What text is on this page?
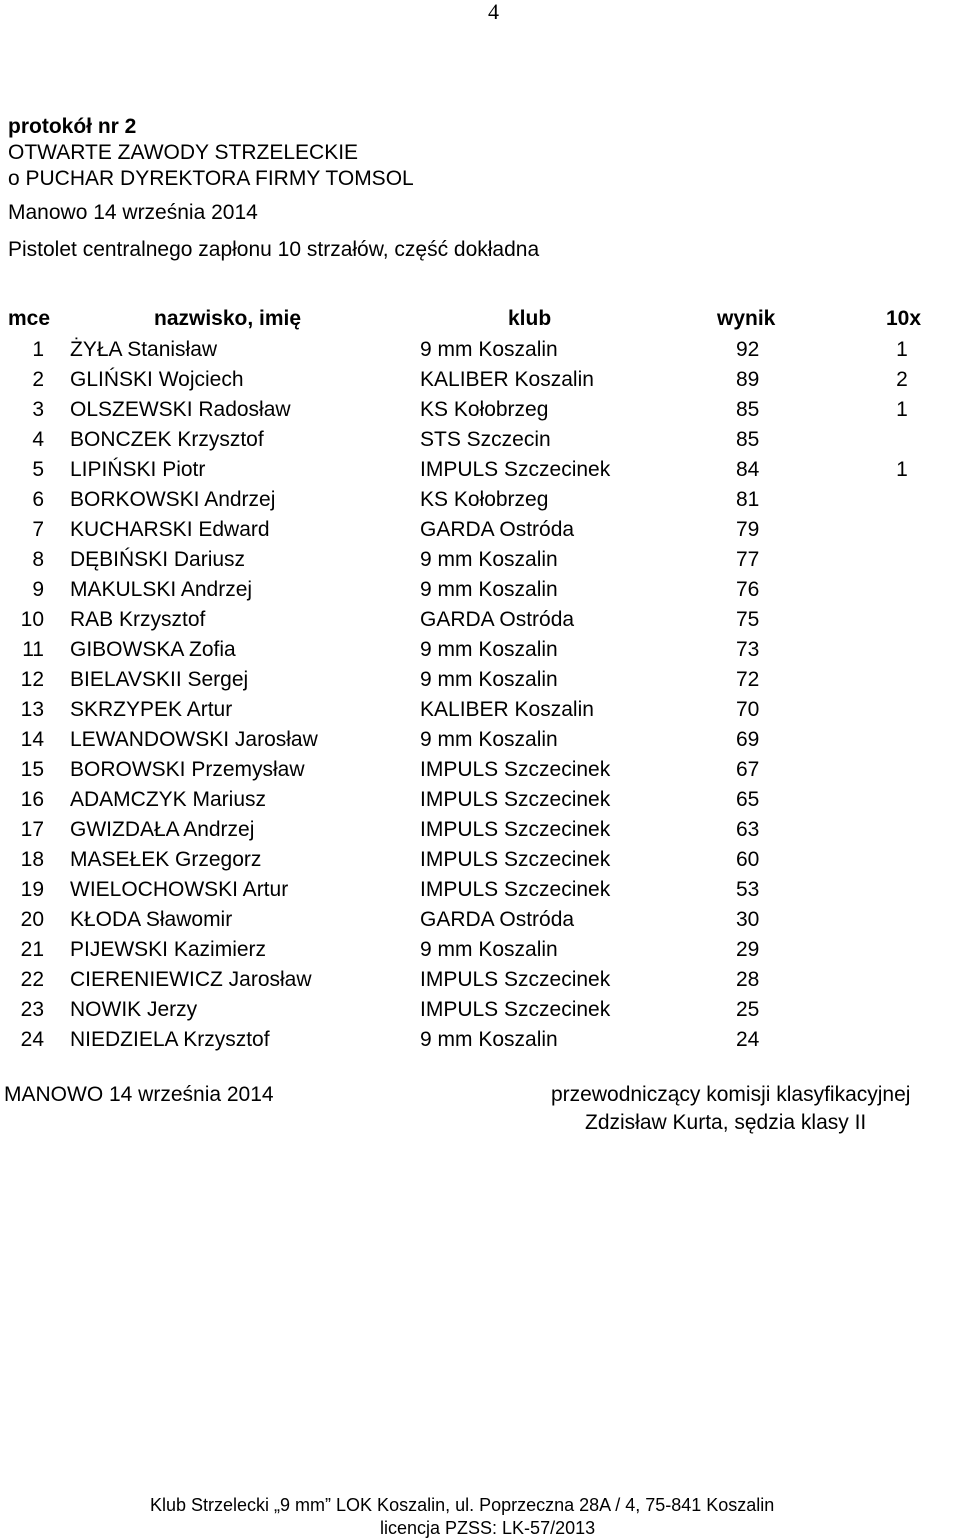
4
protokół nr 2
OTWARTE ZAWODY STRZELECKIE
o PUCHAR DYREKTORA FIRMY TOMSOL
Manowo 14 września 2014
Pistolet centralnego zapłonu 10 strzałów, część dokładna
mce	nazwisko, imię	klub	wynik	10x
1 ŻYŁA Stanisław	9 mm Koszalin	92	1
2 GLIŃSKI Wojciech	KALIBER Koszalin	89	2
3 OLSZEWSKI Radosław	KS Kołobrzeg	85	1
4 BONCZEK Krzysztof	STS Szczecin	85
5 LIPIŃSKI Piotr	IMPULS Szczecinek	84	1
6 BORKOWSKI Andrzej	KS Kołobrzeg	81
7 KUCHARSKI Edward	GARDA Ostróda	79
8 DĘBIŃSKI Dariusz	9 mm Koszalin	77
9 MAKULSKI Andrzej	9 mm Koszalin	76
10 RAB Krzysztof	GARDA Ostróda	75
11 GIBOWSKA Zofia	9 mm Koszalin	73
12 BIELAVSKII Sergej	9 mm Koszalin	72
13 SKRZYPEK Artur	KALIBER Koszalin	70
14 LEWANDOWSKI Jarosław	9 mm Koszalin	69
15 BOROWSKI Przemysław	IMPULS Szczecinek	67
16 ADAMCZYK Mariusz	IMPULS Szczecinek	65
17 GWIZDAŁA Andrzej	IMPULS Szczecinek	63
18 MASEŁEK Grzegorz	IMPULS Szczecinek	60
19 WIELOCHOWSKI Artur	IMPULS Szczecinek	53
20 KŁODA Sławomir	GARDA Ostróda	30
21 PIJEWSKI Kazimierz	9 mm Koszalin	29
22 CIERENIEWICZ Jarosław	IMPULS Szczecinek	28
23 NOWIK Jerzy	IMPULS Szczecinek	25
24 NIEDZIELA Krzysztof	9 mm Koszalin	24
MANOWO 14 września 2014	przewodniczący komisji klasyfikacyjnej
Zdzisław Kurta, sędzia klasy II
Klub Strzelecki „9 mm” LOK Koszalin, ul. Poprzeczna 28A / 4, 75-841 Koszalin
licencja PZSS: LK-57/2013
